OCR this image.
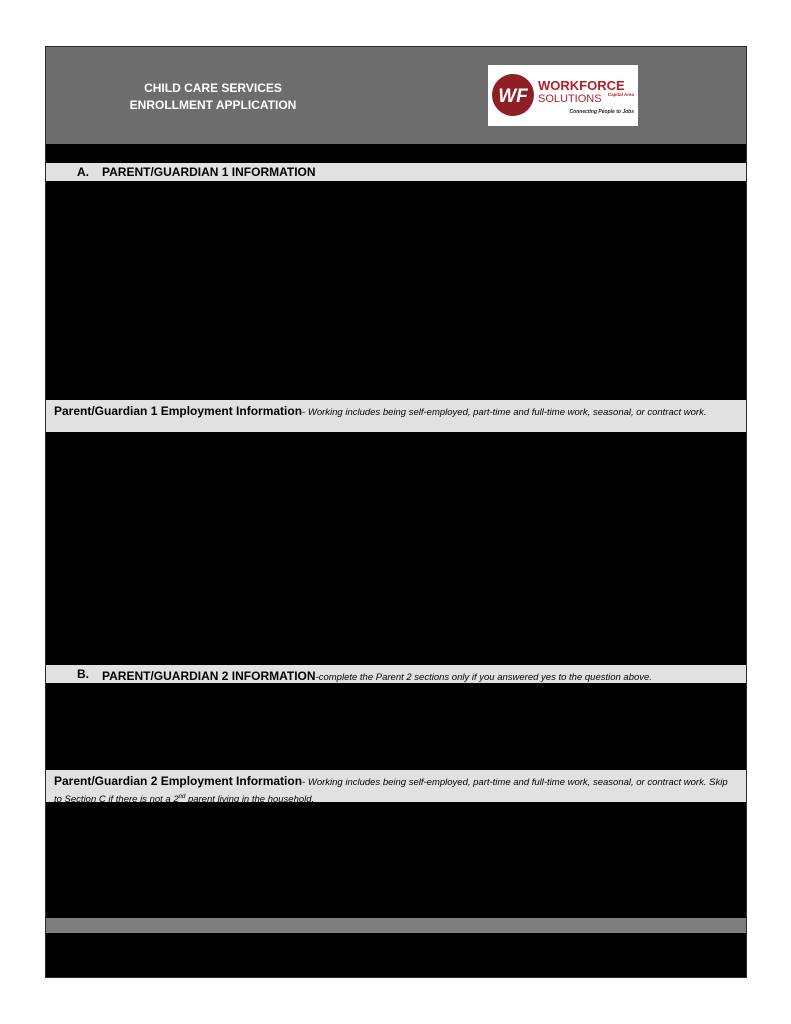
CHILD CARE SERVICES
ENROLLMENT APPLICATION	WF
WORKFORCE
SOLUTIONS Capital Area
Connecting People to Jobs
A. PARENT/GUARDIAN 1 INFORMATION
Parent/Guardian 1 Employment Information- Working includes being self-employed, part-time and full-time work, seasonal, or contract work.
B. PARENT/GUARDIAN 2 INFORMATION-complete the Parent 2 sections only if you answered yes to the question above.
Parent/Guardian 2 Employment Information- Working includes being self-employed, part-time and full-time work, seasonal, or contract work. Skip to Section C if there is not a 2nd parent living in the household.
